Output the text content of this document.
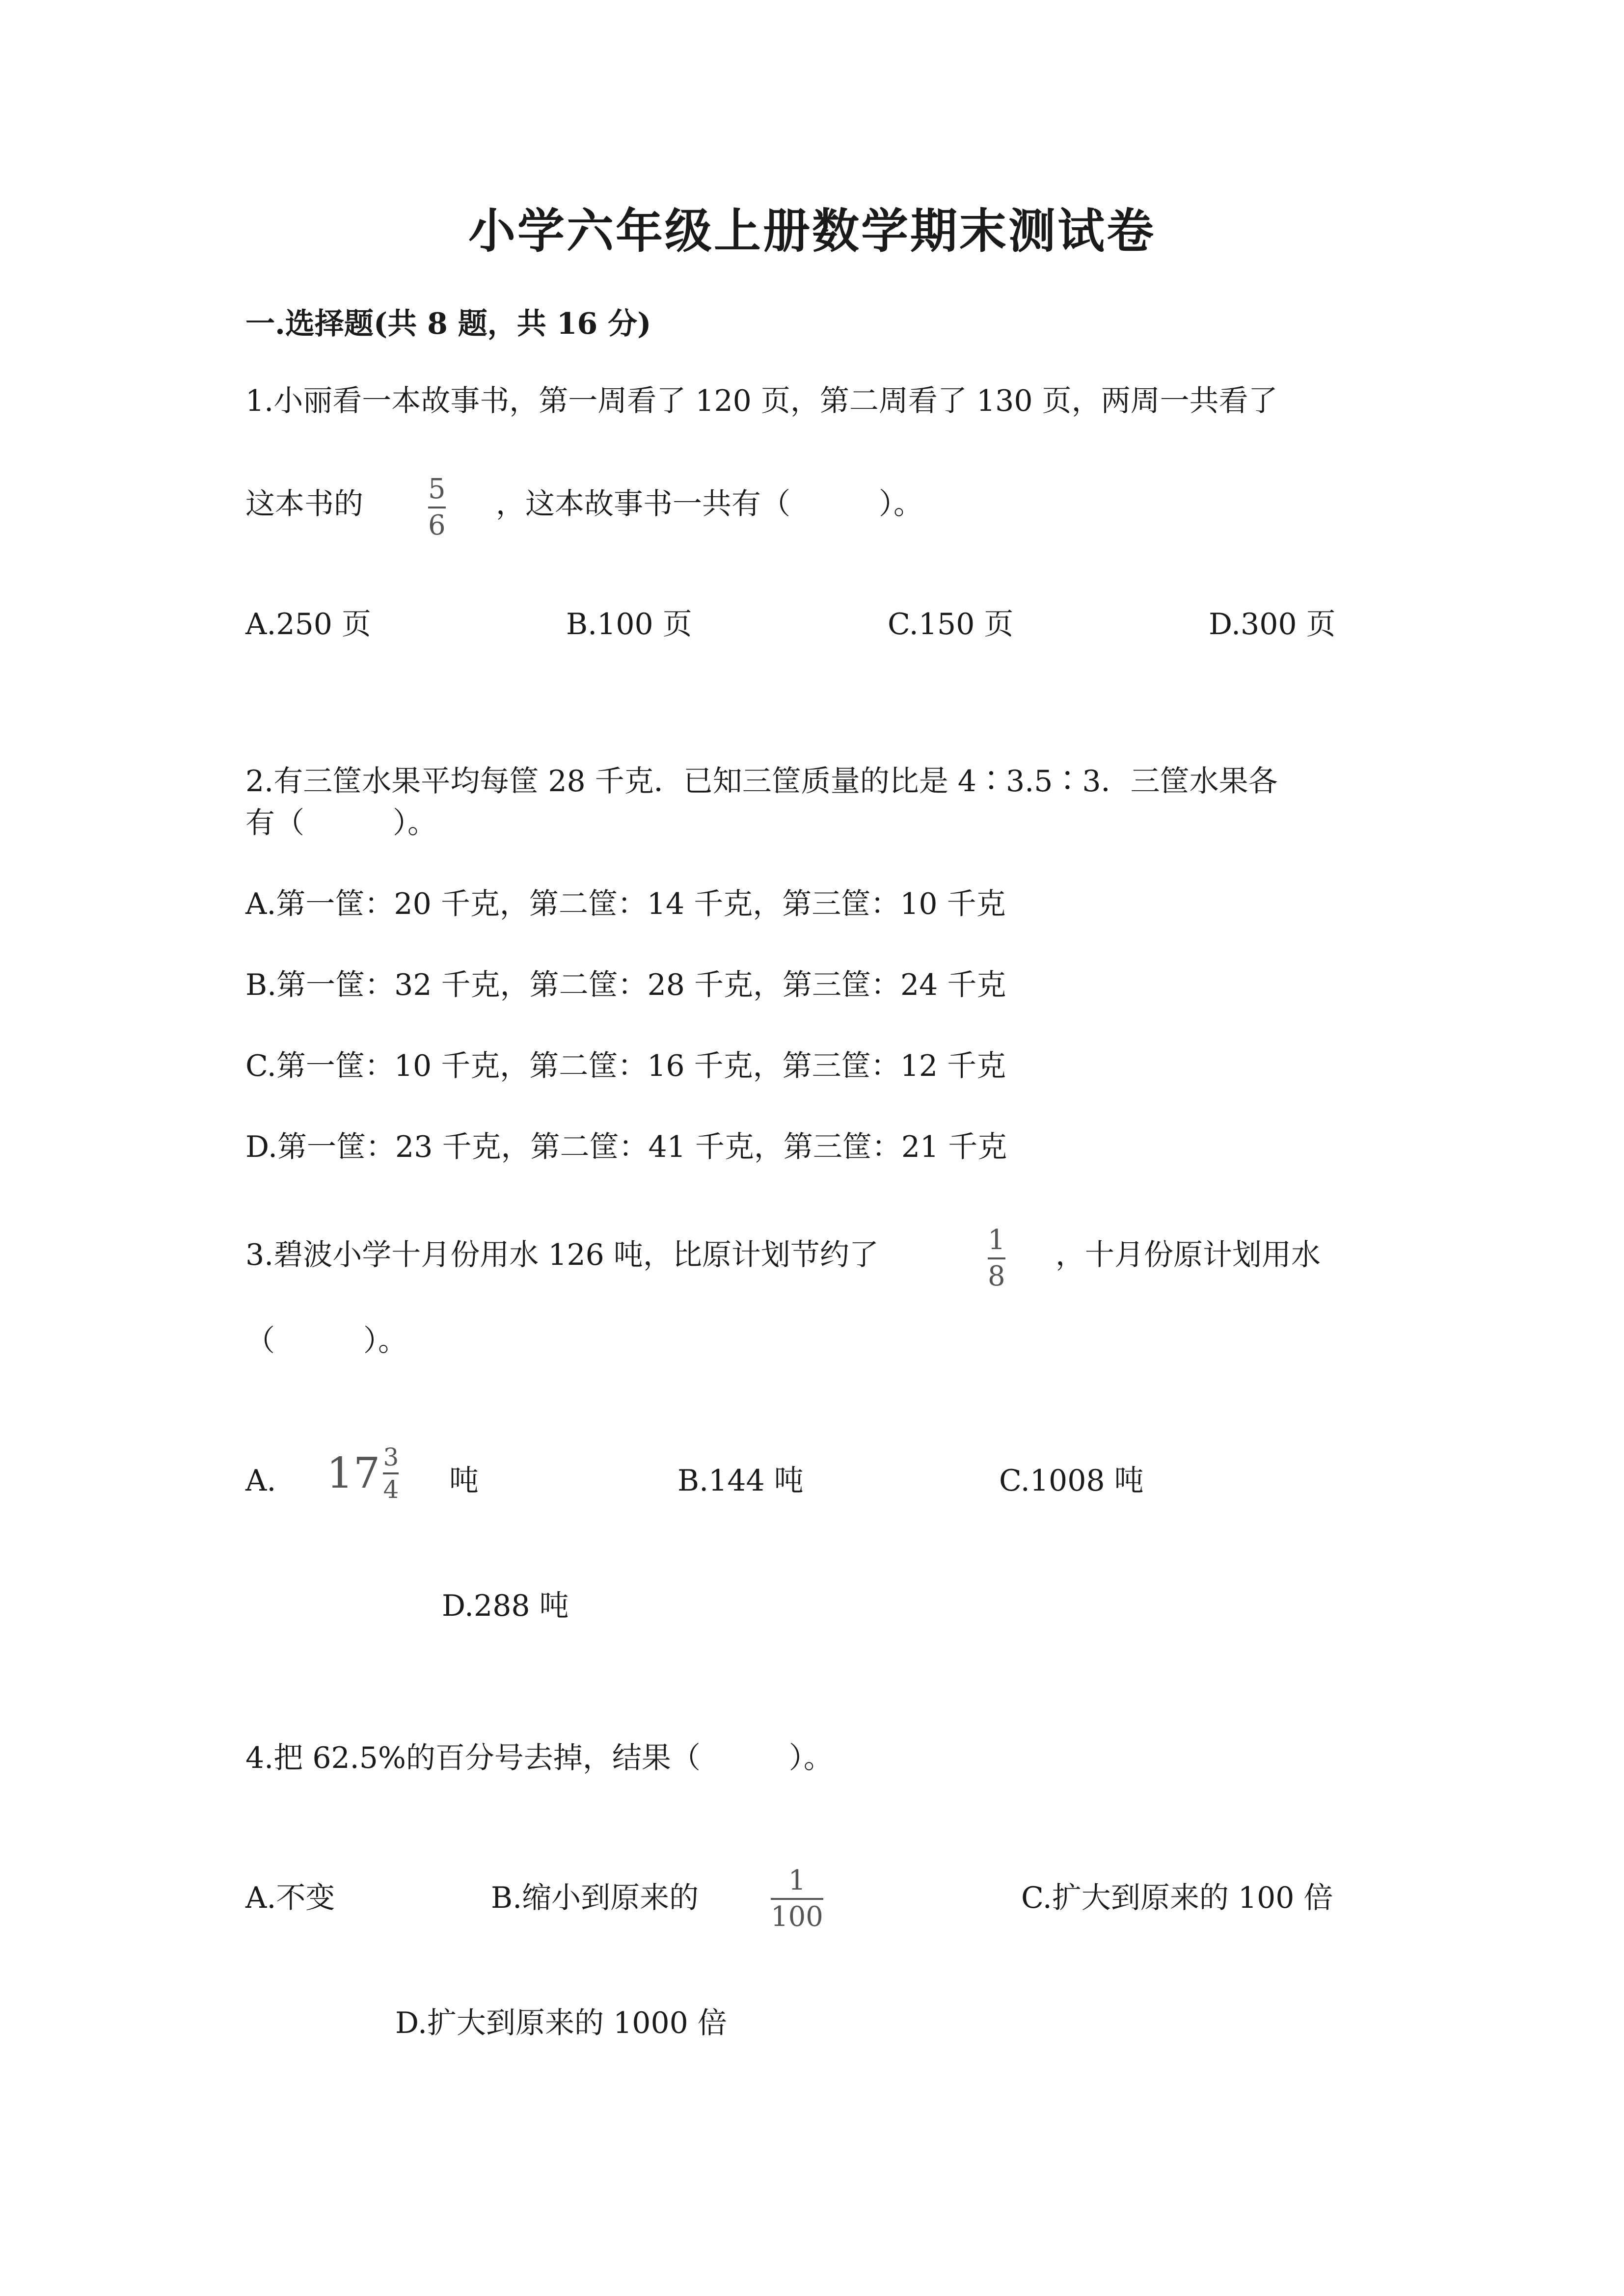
小学六年级上册数学期末测试卷
一.选择题(共 8 题，共 16 分)
1.小丽看一本故事书，第一周看了 120 页，第二周看了 130 页，两周一共看了
这本书的 5
6
，这本故事书一共有（　　　）。
A.250 页	B.100 页	C.150 页	D.300 页
2.有三筐水果平均每筐 28 千克．已知三筐质量的比是 4∶3.5∶3．三筐水果各
有（　　　）。
A.第一筐：20 千克，第二筐：14 千克，第三筐：10 千克
B.第一筐：32 千克，第二筐：28 千克，第三筐：24 千克
C.第一筐：10 千克，第二筐：16 千克，第三筐：12 千克
D.第一筐：23 千克，第二筐：41 千克，第三筐：21 千克
3.碧波小学十月份用水 126 吨，比原计划节约了	1
8
，十月份原计划用水
（　　　）。
A. 17 3
4 吨	B.144 吨	C.1008 吨
D.288 吨
4.把 62.5%的百分号去掉，结果（　　　）。
A.不变	B.缩小到原来的
1
100
C.扩大到原来的 100 倍
D.扩大到原来的 1000 倍
